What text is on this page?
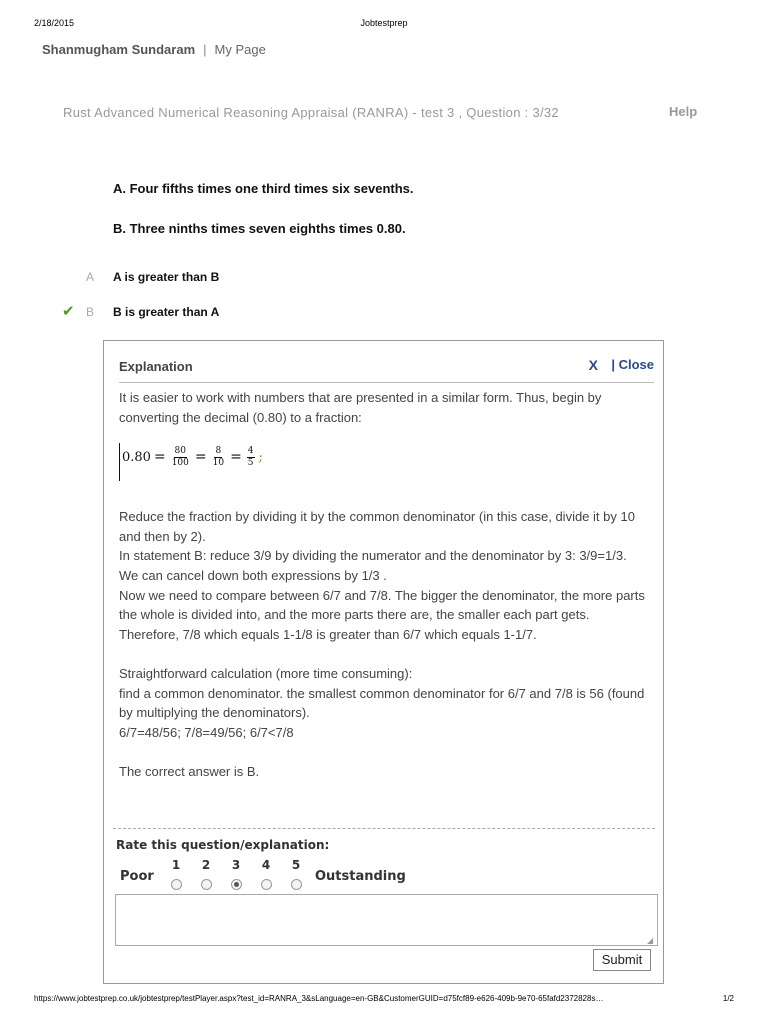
2/18/2015	Jobtestprep
Shanmugham Sundaram | My Page
Rust Advanced Numerical Reasoning Appraisal (RANRA) - test 3 , Question : 3/32	Help
A. Four fifths times one third times six sevenths.
B. Three ninths times seven eighths times 0.80.
A A is greater than B
✔ B B is greater than A
Explanation	X | Close

It is easier to work with numbers that are presented in a similar form. Thus, begin by converting the decimal (0.80) to a fraction:

$0.80 = \frac{80}{100} = \frac{8}{10} = \frac{4}{5}$ ;

Reduce the fraction by dividing it by the common denominator (in this case, divide it by 10 and then by 2).

In statement B: reduce 3/9 by dividing the numerator and the denominator by 3: 3/9=1/3. We can cancel down both expressions by 1/3 .

Now we need to compare between 6/7 and 7/8. The bigger the denominator, the more parts the whole is divided into, and the more parts there are, the smaller each part gets. Therefore, 7/8 which equals 1-1/8 is greater than 6/7 which equals 1-1/7.

Straightforward calculation (more time consuming):

find a common denominator. the smallest common denominator for 6/7 and 7/8 is 56 (found by multiplying the denominators).

6/7=48/56; 7/8=49/56; 6/7<7/8

The correct answer is B.

Rate this question/explanation:
Poor
1 2 3 4 5
Outstanding
◢
Submit
https://www.jobtestprep.co.uk/jobtestprep/testPlayer.aspx?test_id=RANRA_3&sLanguage=en-GB&CustomerGUID=d75fcf89-e626-409b-9e70-65fafd2372828s…	1/2
